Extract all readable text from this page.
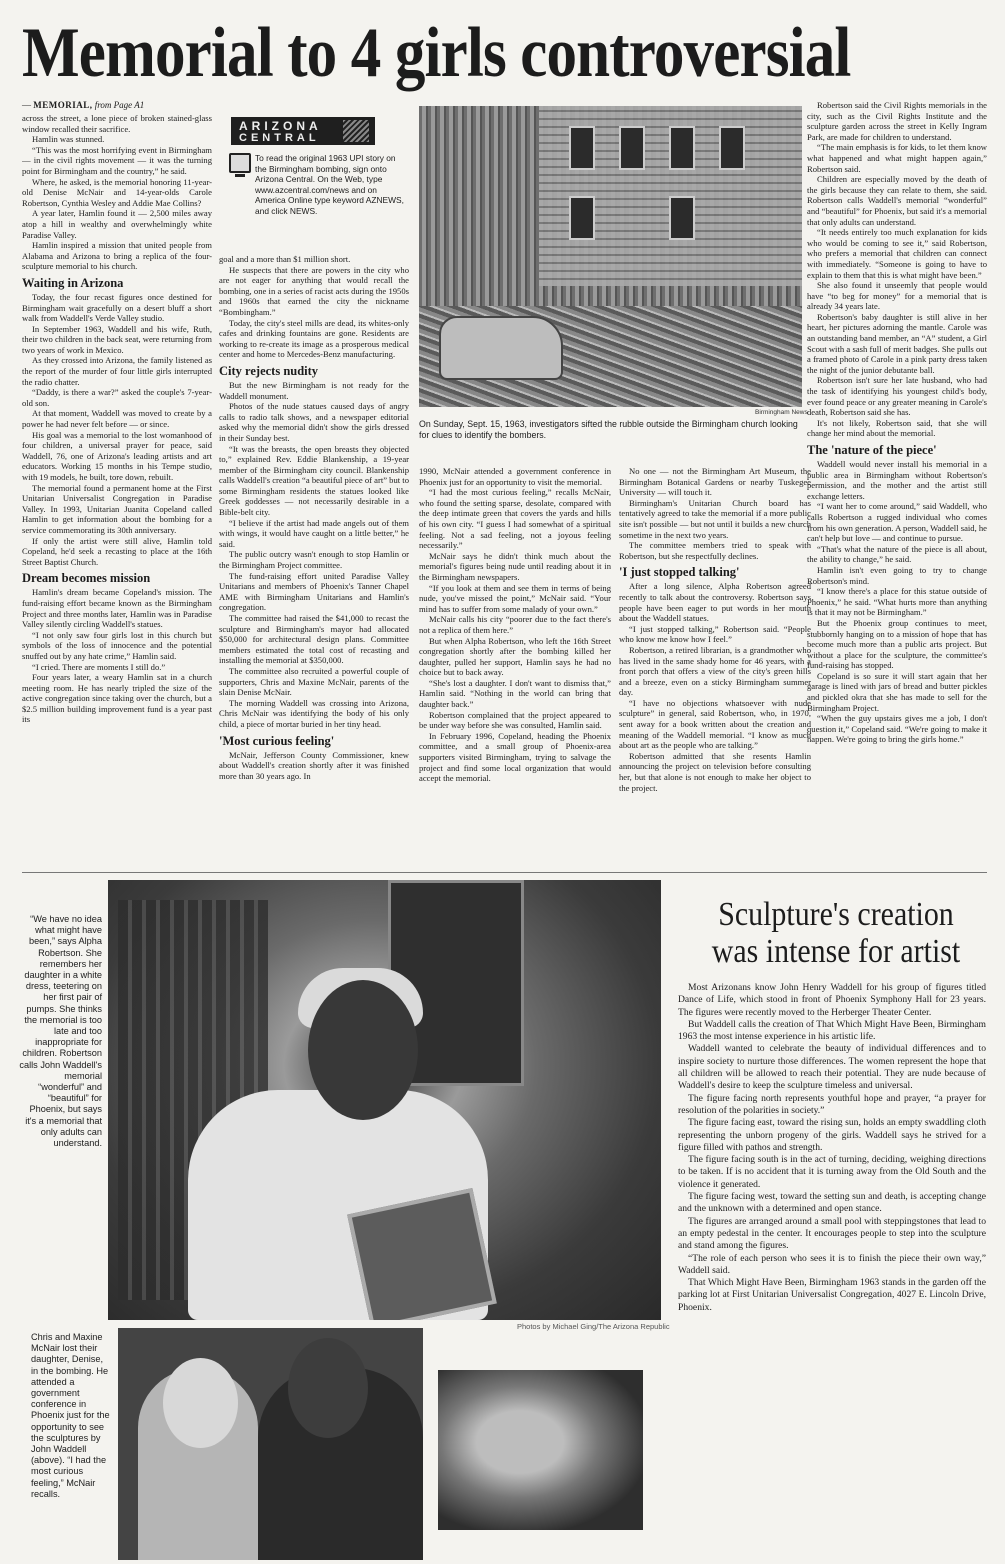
Memorial to 4 girls controversial
— MEMORIAL, from Page A1

across the street, a lone piece of broken stained-glass window recalled their sacrifice.

Hamlin was stunned.

“This was the most horrifying event in Birmingham — in the civil rights movement — it was the turning point for Birmingham and the country,” he said.

Where, he asked, is the memorial honoring 11-year-old Denise McNair and 14-year-olds Carole Robertson, Cynthia Wesley and Addie Mae Collins?

A year later, Hamlin found it — 2,500 miles away atop a hill in wealthy and overwhelmingly white Paradise Valley.

Hamlin inspired a mission that united people from Alabama and Arizona to bring a replica of the four-sculpture memorial to his church.

Waiting in Arizona

Today, the four recast figures once destined for Birmingham wait gracefully on a desert bluff a short walk from Waddell's Verde Valley studio.

In September 1963, Waddell and his wife, Ruth, their two children in the back seat, were returning from two years of work in Mexico.

As they crossed into Arizona, the family listened as the report of the murder of four little girls interrupted the radio chatter.

“Daddy, is there a war?” asked the couple's 7-year-old son.

At that moment, Waddell was moved to create by a power he had never felt before — or since.

His goal was a memorial to the lost womanhood of four children, a universal prayer for peace, said Waddell, 76, one of Arizona's leading artists and art educators. Working 15 months in his Tempe studio, with 19 models, he built, tore down, rebuilt.

The memorial found a permanent home at the First Unitarian Universalist Congregation in Paradise Valley. In 1993, Unitarian Juanita Copeland called Hamlin to get information about the bombing for a service commemorating its 30th anniversary.

If only the artist were still alive, Hamlin told Copeland, he'd seek a recasting to place at the 16th Street Baptist Church.

Dream becomes mission

Hamlin's dream became Copeland's mission. The fund-raising effort became known as the Birmingham Project and three months later, Hamlin was in Paradise Valley silently circling Waddell's statues.

“I not only saw four girls lost in this church but symbols of the loss of innocence and the potential snuffed out by any hate crime,” Hamlin said.

“I cried. There are moments I still do.”

Four years later, a weary Hamlin sat in a church meeting room. He has nearly tripled the size of the active congregation since taking over the church, but a $2.5 million building improvement fund is a year past its

ARIZONA
CENTRAL
To read the original 1963 UPI story on the Birmingham bombing, sign onto Arizona Central. On the Web, type www.azcentral.com/news and on America Online type keyword AZNEWS, and click NEWS.

goal and a more than $1 million short.

He suspects that there are powers in the city who are not eager for anything that would recall the bombing, one in a series of racist acts during the 1950s and 1960s that earned the city the nickname “Bombingham.”

Today, the city's steel mills are dead, its whites-only cafes and drinking fountains are gone. Residents are working to re-create its image as a prosperous medical center and home to Mercedes-Benz manufacturing.

City rejects nudity

But the new Birmingham is not ready for the Waddell monument.

Photos of the nude statues caused days of angry calls to radio talk shows, and a newspaper editorial asked why the memorial didn't show the girls dressed in their Sunday best.

“It was the breasts, the open breasts they objected to,” explained Rev. Eddie Blankenship, a 19-year member of the Birmingham city council. Blankenship calls Waddell's creation “a beautiful piece of art” but to some Birmingham residents the statues looked like Greek goddesses — not necessarily desirable in a Bible-belt city.

“I believe if the artist had made angels out of them with wings, it would have caught on a little better,” he said.

The public outcry wasn't enough to stop Hamlin or the Birmingham Project committee.

The fund-raising effort united Paradise Valley Unitarians and members of Phoenix's Tanner Chapel AME with Birmingham Unitarians and Hamlin's congregation.

The committee had raised the $41,000 to recast the sculpture and Birmingham's mayor had allocated $50,000 for architectural design plans. Committee members estimated the total cost of recasting and installing the memorial at $350,000.

The committee also recruited a powerful couple of supporters, Chris and Maxine McNair, parents of the slain Denise McNair.

The morning Waddell was crossing into Arizona, Chris McNair was identifying the body of his only child, a piece of mortar buried in her tiny head.

'Most curious feeling'

McNair, Jefferson County Commissioner, knew about Waddell's creation shortly after it was finished more than 30 years ago. In

Birmingham News
On Sunday, Sept. 15, 1963, investigators sifted the rubble outside the Birmingham church looking for clues to identify the bombers.

1990, McNair attended a government conference in Phoenix just for an opportunity to visit the memorial.

“I had the most curious feeling,” recalls McNair, who found the setting sparse, desolate, compared with the deep intimate green that covers the yards and hills of his own city. “I guess I had somewhat of a spiritual feeling. Not a sad feeling, not a joyous feeling necessarily.”

McNair says he didn't think much about the memorial's figures being nude until reading about it in the Birmingham newspapers.

“If you look at them and see them in terms of being nude, you've missed the point,” McNair said. “Your mind has to suffer from some malady of your own.”

McNair calls his city “poorer due to the fact there's not a replica of them here.”

But when Alpha Robertson, who left the 16th Street congregation shortly after the bombing killed her daughter, pulled her support, Hamlin says he had no choice but to back away.

“She's lost a daughter. I don't want to dismiss that,” Hamlin said. “Nothing in the world can bring that daughter back.”

Robertson complained that the project appeared to be under way before she was consulted, Hamlin said.

In February 1996, Copeland, heading the Phoenix committee, and a small group of Phoenix-area supporters visited Birmingham, trying to salvage the project and find some local organization that would accept the memorial.

No one — not the Birmingham Art Museum, the Birmingham Botanical Gardens or nearby Tuskegee University — will touch it.

Birmingham's Unitarian Church board has tentatively agreed to take the memorial if a more public site isn't possible — but not until it builds a new church sometime in the next two years.

The committee members tried to speak with Robertson, but she respectfully declines.

'I just stopped talking'

After a long silence, Alpha Robertson agreed recently to talk about the controversy. Robertson says people have been eager to put words in her mouth about the Waddell statues.

“I just stopped talking,” Robertson said. “People who know me know how I feel.”

Robertson, a retired librarian, is a grandmother who has lived in the same shady home for 46 years, with a front porch that offers a view of the city's green hills and a breeze, even on a sticky Birmingham summer day.

“I have no objections whatsoever with nude sculpture” in general, said Robertson, who, in 1970, sent away for a book written about the creation and meaning of the Waddell memorial. “I know as much about art as the people who are talking.”

Robertson admitted that she resents Hamlin announcing the project on television before consulting her, but that alone is not enough to make her object to the project.

Robertson said the Civil Rights memorials in the city, such as the Civil Rights Institute and the sculpture garden across the street in Kelly Ingram Park, are made for children to understand.

“The main emphasis is for kids, to let them know what happened and what might happen again,” Robertson said.

Children are especially moved by the death of the girls because they can relate to them, she said. Robertson calls Waddell's memorial “wonderful” and “beautiful” for Phoenix, but said it's a memorial that only adults can understand.

“It needs entirely too much explanation for kids who would be coming to see it,” said Robertson, who prefers a memorial that children can connect with immediately. “Someone is going to have to explain to them that this is what might have been.”

She also found it unseemly that people would have “to beg for money” for a memorial that is already 34 years late.

Robertson's baby daughter is still alive in her heart, her pictures adorning the mantle. Carole was an outstanding band member, an “A” student, a Girl Scout with a sash full of merit badges. She pulls out a framed photo of Carole in a pink party dress taken the night of the junior debutante ball.

Robertson isn't sure her late husband, who had the task of identifying his youngest child's body, ever found peace or any greater meaning in Carole's death, Robertson said she has.

It's not likely, Robertson said, that she will change her mind about the memorial.

The 'nature of the piece'

Waddell would never install his memorial in a public area in Birmingham without Robertson's permission, and the mother and the artist still exchange letters.

“I want her to come around,” said Waddell, who calls Robertson a rugged individual who comes from his own generation. A person, Waddell said, he can't help but love — and continue to pursue.

“That's what the nature of the piece is all about, the ability to change,” he said.

Hamlin isn't even going to try to change Robertson's mind.

“I know there's a place for this statue outside of Phoenix,” he said. “What hurts more than anything is that it may not be Birmingham.”

But the Phoenix group continues to meet, stubbornly hanging on to a mission of hope that has become much more than a public arts project. But without a place for the sculpture, the committee's fund-raising has stopped.

Copeland is so sure it will start again that her garage is lined with jars of bread and butter pickles and pickled okra that she has made to sell for the Birmingham Project.

“When the guy upstairs gives me a job, I don't question it,” Copeland said. “We're going to make it happen. We're going to bring the girls home.”

“We have no idea what might have been,” says Alpha Robertson. She remembers her daughter in a white dress, teetering on her first pair of pumps. She thinks the memorial is too late and too inappropriate for children. Robertson calls John Waddell's memorial “wonderful” and “beautiful” for Phoenix, but says it's a memorial that only adults can understand.
Photos by Michael Ging/The Arizona Republic
Chris and Maxine McNair lost their daughter, Denise, in the bombing. He attended a government conference in Phoenix just for the opportunity to see the sculptures by John Waddell (above). “I had the most curious feeling,” McNair recalls.
Sculpture's creation was intense for artist

Most Arizonans know John Henry Waddell for his group of figures titled Dance of Life, which stood in front of Phoenix Symphony Hall for 23 years. The figures were recently moved to the Herberger Theater Center.

But Waddell calls the creation of That Which Might Have Been, Birmingham 1963 the most intense experience in his artistic life.

Waddell wanted to celebrate the beauty of individual differences and to inspire society to nurture those differences. The women represent the hope that all children will be allowed to reach their potential. They are nude because of Waddell's desire to keep the sculpture timeless and universal.

The figure facing north represents youthful hope and prayer, “a prayer for resolution of the polarities in society.”

The figure facing east, toward the rising sun, holds an empty swaddling cloth representing the unborn progeny of the girls. Waddell says he strived for a figure filled with pathos and strength.

The figure facing south is in the act of turning, deciding, weighing directions to be taken. If is no accident that it is turning away from the Old South and the violence it generated.

The figure facing west, toward the setting sun and death, is accepting change and the unknown with a determined and open stance.

The figures are arranged around a small pool with steppingstones that lead to an empty pedestal in the center. It encourages people to step into the sculpture and stand among the figures.

“The role of each person who sees it is to finish the piece their own way,” Waddell said.

That Which Might Have Been, Birmingham 1963 stands in the garden off the parking lot at First Unitarian Universalist Congregation, 4027 E. Lincoln Drive, Phoenix.
